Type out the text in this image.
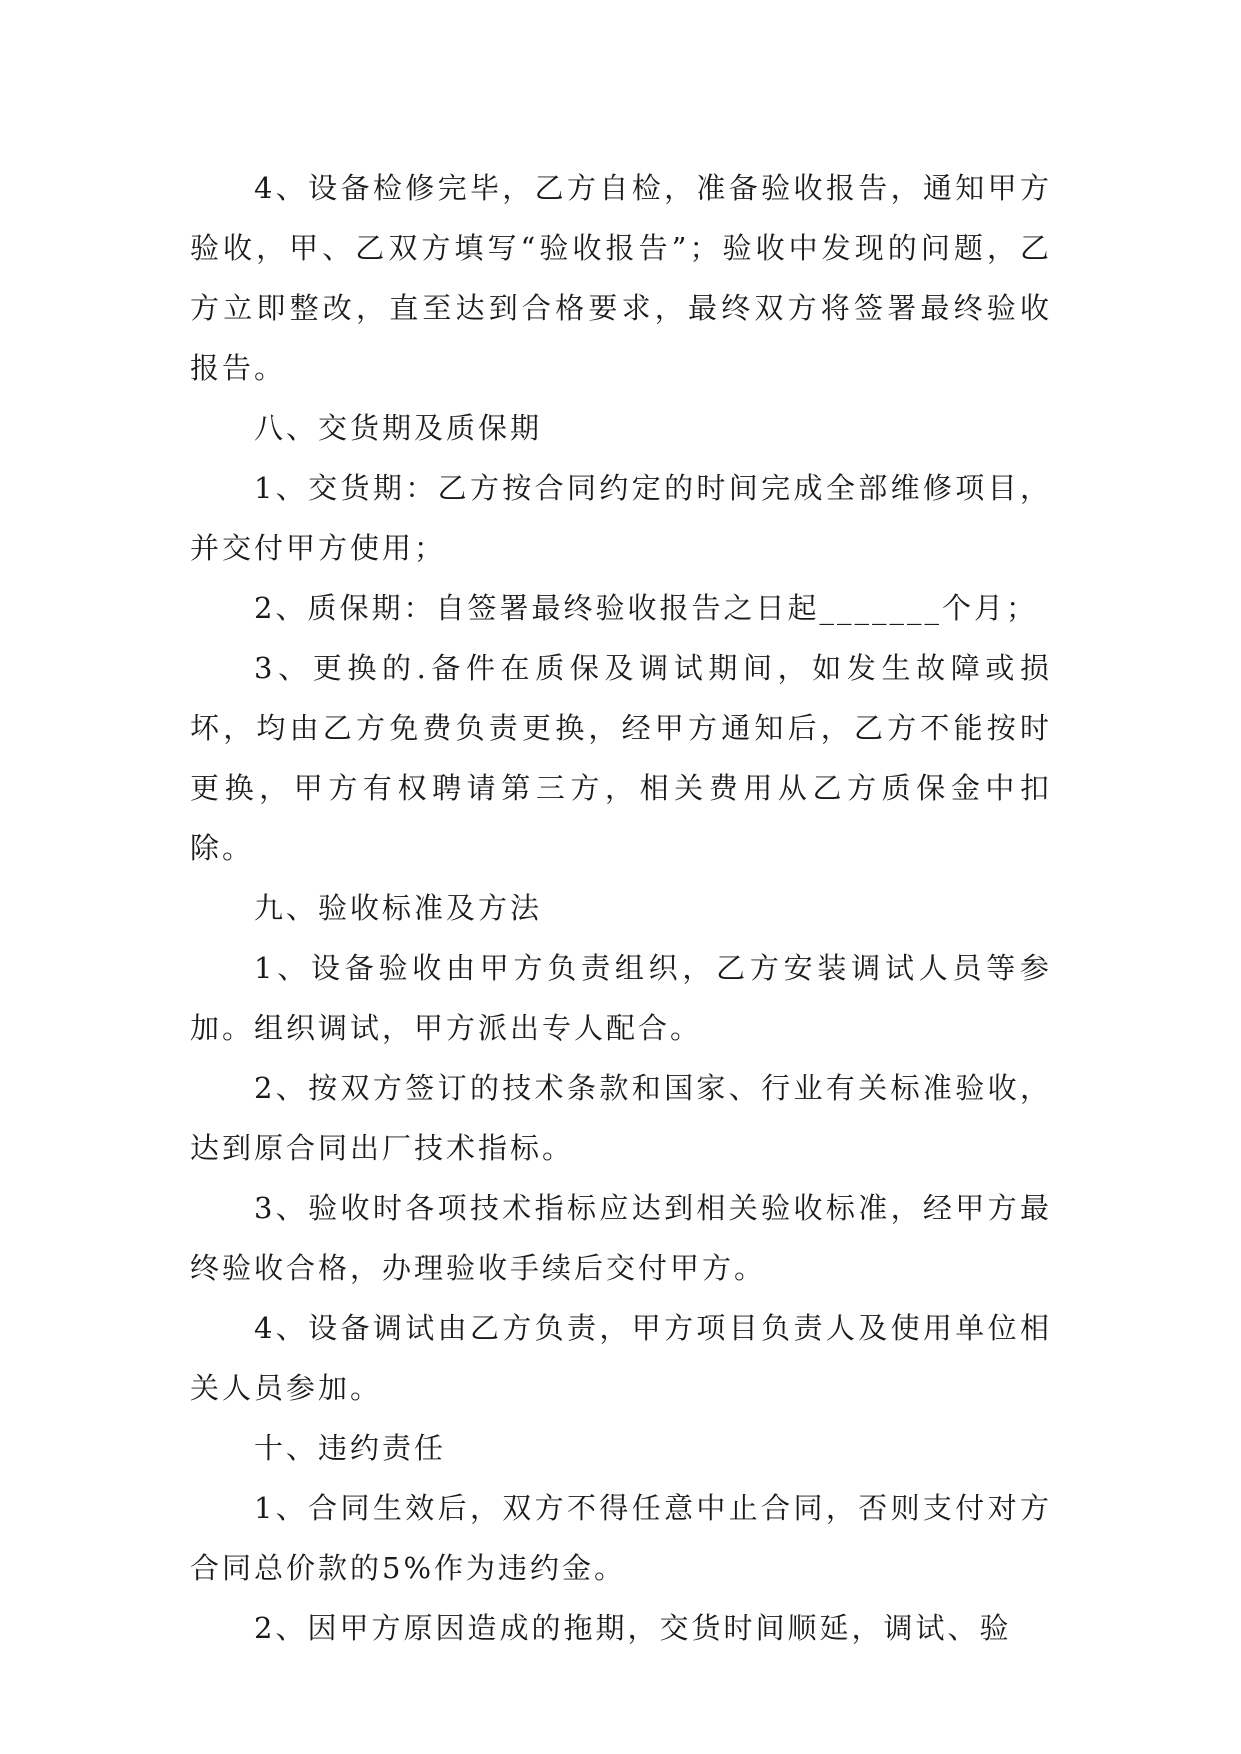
4、设备检修完毕，乙方自检，准备验收报告，通知甲方验收，甲、乙双方填写“验收报告”；验收中发现的问题，乙方立即整改，直至达到合格要求，最终双方将签署最终验收报告。

八、交货期及质保期

1、交货期：乙方按合同约定的时间完成全部维修项目，并交付甲方使用；

2、质保期：自签署最终验收报告之日起_______个月；

3、更换的.备件在质保及调试期间，如发生故障或损坏，均由乙方免费负责更换，经甲方通知后，乙方不能按时更换，甲方有权聘请第三方，相关费用从乙方质保金中扣除。

九、验收标准及方法

1、设备验收由甲方负责组织，乙方安装调试人员等参加。组织调试，甲方派出专人配合。

2、按双方签订的技术条款和国家、行业有关标准验收，达到原合同出厂技术指标。

3、验收时各项技术指标应达到相关验收标准，经甲方最终验收合格，办理验收手续后交付甲方。

4、设备调试由乙方负责，甲方项目负责人及使用单位相关人员参加。

十、违约责任

1、合同生效后，双方不得任意中止合同，否则支付对方合同总价款的5%作为违约金。

2、因甲方原因造成的拖期，交货时间顺延，调试、验
